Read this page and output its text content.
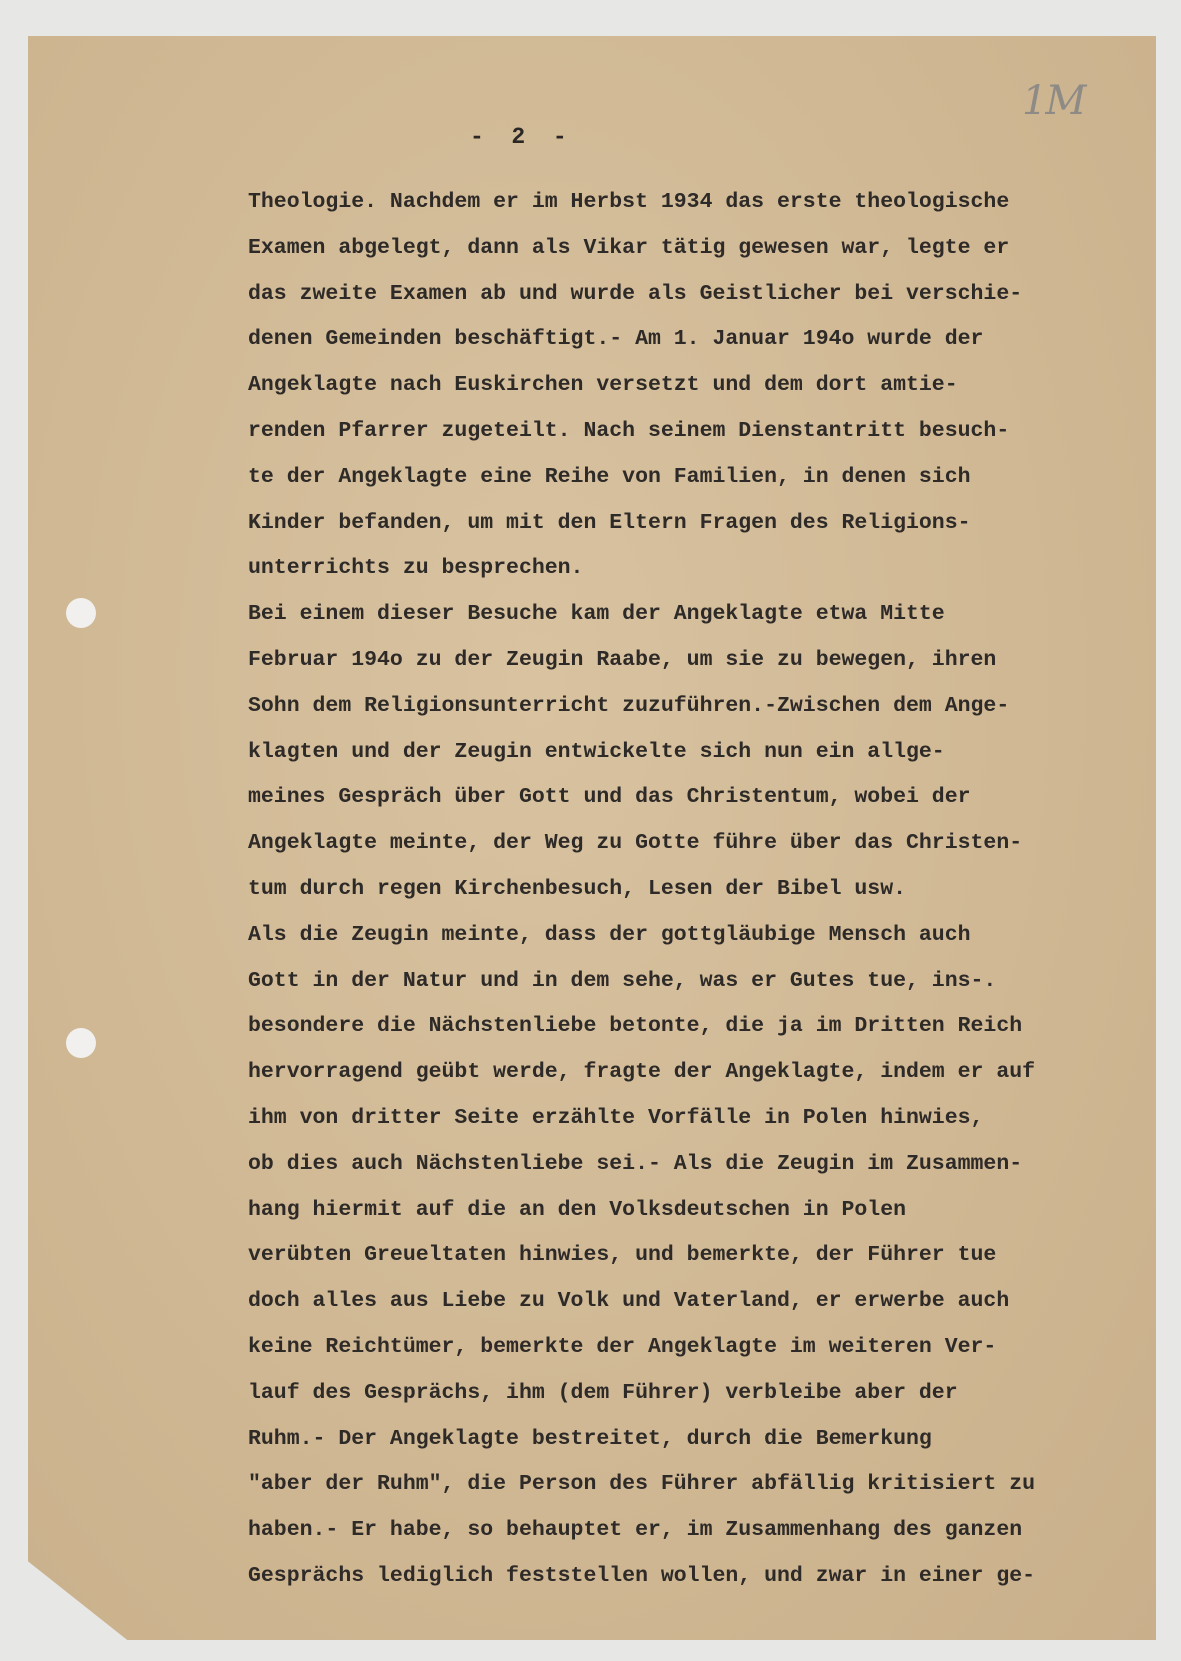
1M
-  2  -
Theologie. Nachdem er im Herbst 1934 das erste theologische
Examen abgelegt, dann als Vikar tätig gewesen war, legte er
das zweite Examen ab und wurde als Geistlicher bei verschie-
denen Gemeinden beschäftigt.- Am 1. Januar 194o wurde der
Angeklagte nach Euskirchen versetzt und dem dort amtie-
renden Pfarrer zugeteilt. Nach seinem Dienstantritt besuch-
te der Angeklagte eine Reihe von Familien, in denen sich
Kinder befanden, um mit den Eltern Fragen des Religions-
unterrichts zu besprechen.
Bei einem dieser Besuche kam der Angeklagte etwa Mitte
Februar 194o zu der Zeugin Raabe, um sie zu bewegen, ihren
Sohn dem Religionsunterricht zuzuführen.-Zwischen dem Ange-
klagten und der Zeugin entwickelte sich nun ein allge-
meines Gespräch über Gott und das Christentum, wobei der
Angeklagte meinte, der Weg zu Gotte führe über das Christen-
tum durch regen Kirchenbesuch, Lesen der Bibel usw.
Als die Zeugin meinte, dass der gottgläubige Mensch auch
Gott in der Natur und in dem sehe, was er Gutes tue, ins-.
besondere die Nächstenliebe betonte, die ja im Dritten Reich
hervorragend geübt werde, fragte der Angeklagte, indem er auf
ihm von dritter Seite erzählte Vorfälle in Polen hinwies,
ob dies auch Nächstenliebe sei.- Als die Zeugin im Zusammen-
hang hiermit auf die an den Volksdeutschen in Polen
verübten Greueltaten hinwies, und bemerkte, der Führer tue
doch alles aus Liebe zu Volk und Vaterland, er erwerbe auch
keine Reichtümer, bemerkte der Angeklagte im weiteren Ver-
lauf des Gesprächs, ihm (dem Führer) verbleibe aber der
Ruhm.- Der Angeklagte bestreitet, durch die Bemerkung
"aber der Ruhm", die Person des Führer abfällig kritisiert zu
haben.- Er habe, so behauptet er, im Zusammenhang des ganzen
Gesprächs lediglich feststellen wollen, und zwar in einer ge-
